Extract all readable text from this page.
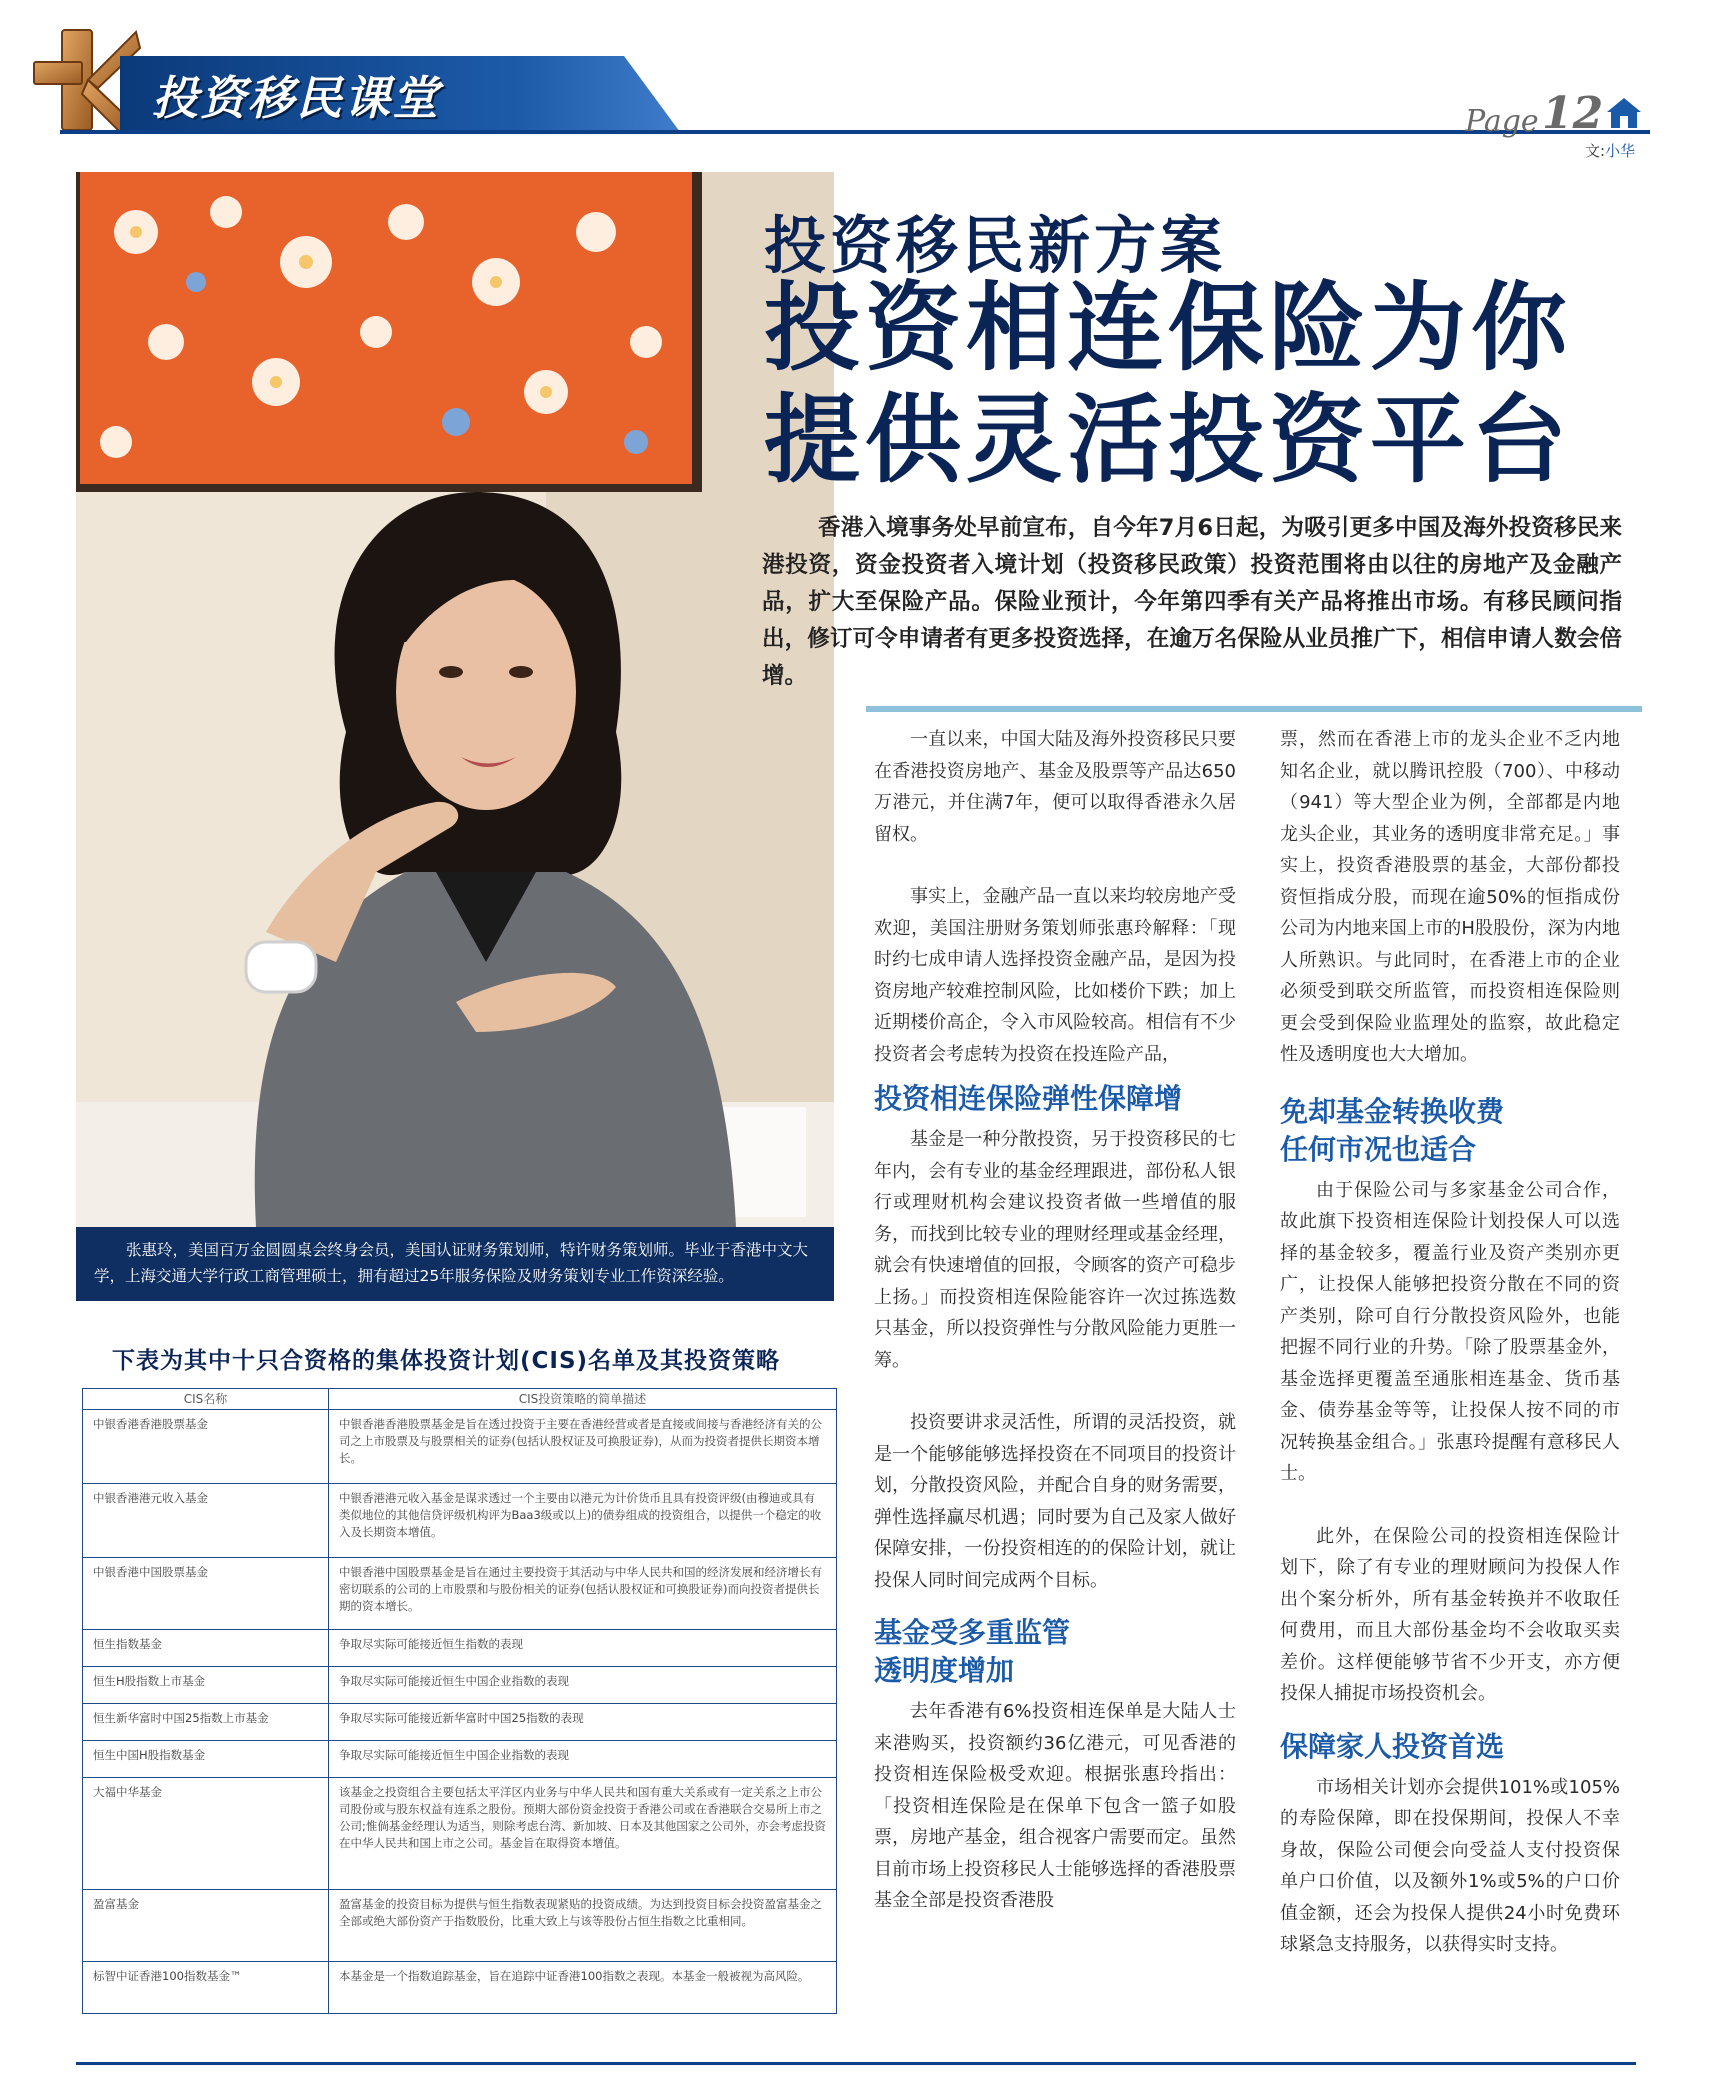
投资移民课堂	Page 12
文:小华
张惠玲，美国百万金圆圆桌会终身会员，美国认证财务策划师，特许财务策划师。毕业于香港中文大学，上海交通大学行政工商管理硕士，拥有超过25年服务保险及财务策划专业工作资深经验。
投资移民新方案
投资相连保险为你
提供灵活投资平台
香港入境事务处早前宣布，自今年7月6日起，为吸引更多中国及海外投资移民来港投资，资金投资者入境计划（投资移民政策）投资范围将由以往的房地产及金融产品，扩大至保险产品。保险业预计，今年第四季有关产品将推出市场。有移民顾问指出，修订可令申请者有更多投资选择，在逾万名保险从业员推广下，相信申请人数会倍增。

一直以来，中国大陆及海外投资移民只要在香港投资房地产、基金及股票等产品达650万港元，并住满7年，便可以取得香港永久居留权。

事实上，金融产品一直以来均较房地产受欢迎，美国注册财务策划师张惠玲解释：「现时约七成申请人选择投资金融产品，是因为投资房地产较难控制风险，比如楼价下跌；加上近期楼价高企，令入市风险较高。相信有不少投资者会考虑转为投资在投连险产品，

投资相连保险弹性保障增

基金是一种分散投资，另于投资移民的七年内，会有专业的基金经理跟进，部份私人银行或理财机构会建议投资者做一些增值的服务，而找到比较专业的理财经理或基金经理，就会有快速增值的回报，令顾客的资产可稳步上扬。」而投资相连保险能容许一次过拣选数只基金，所以投资弹性与分散风险能力更胜一筹。

投资要讲求灵活性，所谓的灵活投资，就是一个能够能够选择投资在不同项目的投资计划，分散投资风险，并配合自身的财务需要，弹性选择赢尽机遇；同时要为自己及家人做好保障安排，一份投资相连的的保险计划，就让投保人同时间完成两个目标。

基金受多重监管
透明度增加

去年香港有6%投资相连保单是大陆人士来港购买，投资额约36亿港元，可见香港的投资相连保险极受欢迎。根据张惠玲指出：「投资相连保险是在保单下包含一篮子如股票，房地产基金，组合视客户需要而定。虽然目前市场上投资移民人士能够选择的香港股票基金全部是投资香港股

票，然而在香港上市的龙头企业不乏内地知名企业，就以腾讯控股（700）、中移动（941）等大型企业为例，全部都是内地龙头企业，其业务的透明度非常充足。」事实上，投资香港股票的基金，大部份都投资恒指成分股，而现在逾50%的恒指成份公司为内地来国上市的H股股份，深为内地人所熟识。与此同时，在香港上市的企业必须受到联交所监管，而投资相连保险则更会受到保险业监理处的监察，故此稳定性及透明度也大大增加。

免却基金转换收费
任何市况也适合

由于保险公司与多家基金公司合作，故此旗下投资相连保险计划投保人可以选择的基金较多，覆盖行业及资产类别亦更广，让投保人能够把投资分散在不同的资产类别，除可自行分散投资风险外，也能把握不同行业的升势。「除了股票基金外，基金选择更覆盖至通胀相连基金、货币基金、债券基金等等，让投保人按不同的市况转换基金组合。」张惠玲提醒有意移民人士。

此外，在保险公司的投资相连保险计划下，除了有专业的理财顾问为投保人作出个案分析外，所有基金转换并不收取任何费用，而且大部份基金均不会收取买卖差价。这样便能够节省不少开支，亦方便投保人捕捉市场投资机会。

保障家人投资首选

市场相关计划亦会提供101%或105%的寿险保障，即在投保期间，投保人不幸身故，保险公司便会向受益人支付投资保单户口价值，以及额外1%或5%的户口价值金额，还会为投保人提供24小时免费环球紧急支持服务，以获得实时支持。

下表为其中十只合资格的集体投资计划(CIS)名单及其投资策略
CIS名称	CIS投资策略的简单描述
中银香港香港股票基金	中银香港香港股票基金是旨在透过投资于主要在香港经营或者是直接或间接与香港经济有关的公司之上市股票及与股票相关的证券(包括认股权证及可换股证券)，从而为投资者提供长期资本增长。
中银香港港元收入基金	中银香港港元收入基金是谋求透过一个主要由以港元为计价货币且具有投资评级(由穆迪或具有类似地位的其他信贷评级机构评为Baa3级或以上)的债券组成的投资组合，以提供一个稳定的收入及长期资本增值。
中银香港中国股票基金	中银香港中国股票基金是旨在通过主要投资于其活动与中华人民共和国的经济发展和经济增长有密切联系的公司的上市股票和与股份相关的证券(包括认股权证和可换股证券)而向投资者提供长期的资本增长。
恒生指数基金	争取尽实际可能接近恒生指数的表现
恒生H股指数上市基金	争取尽实际可能接近恒生中国企业指数的表现
恒生新华富时中国25指数上市基金	争取尽实际可能接近新华富时中国25指数的表现
恒生中国H股指数基金	争取尽实际可能接近恒生中国企业指数的表现
大福中华基金	该基金之投资组合主要包括太平洋区内业务与中华人民共和国有重大关系或有一定关系之上市公司股份或与股东权益有连系之股份。预期大部份资金投资于香港公司或在香港联合交易所上市之公司;惟倘基金经理认为适当，则除考虑台湾、新加坡、日本及其他国家之公司外，亦会考虑投资在中华人民共和国上市之公司。基金旨在取得资本增值。
盈富基金	盈富基金的投资目标为提供与恒生指数表现紧贴的投资成绩。为达到投资目标会投资盈富基金之全部或绝大部份资产于指数股份，比重大致上与该等股份占恒生指数之比重相同。
标智中证香港100指数基金™	本基金是一个指数追踪基金，旨在追踪中证香港100指数之表现。本基金一般被视为高风险。
